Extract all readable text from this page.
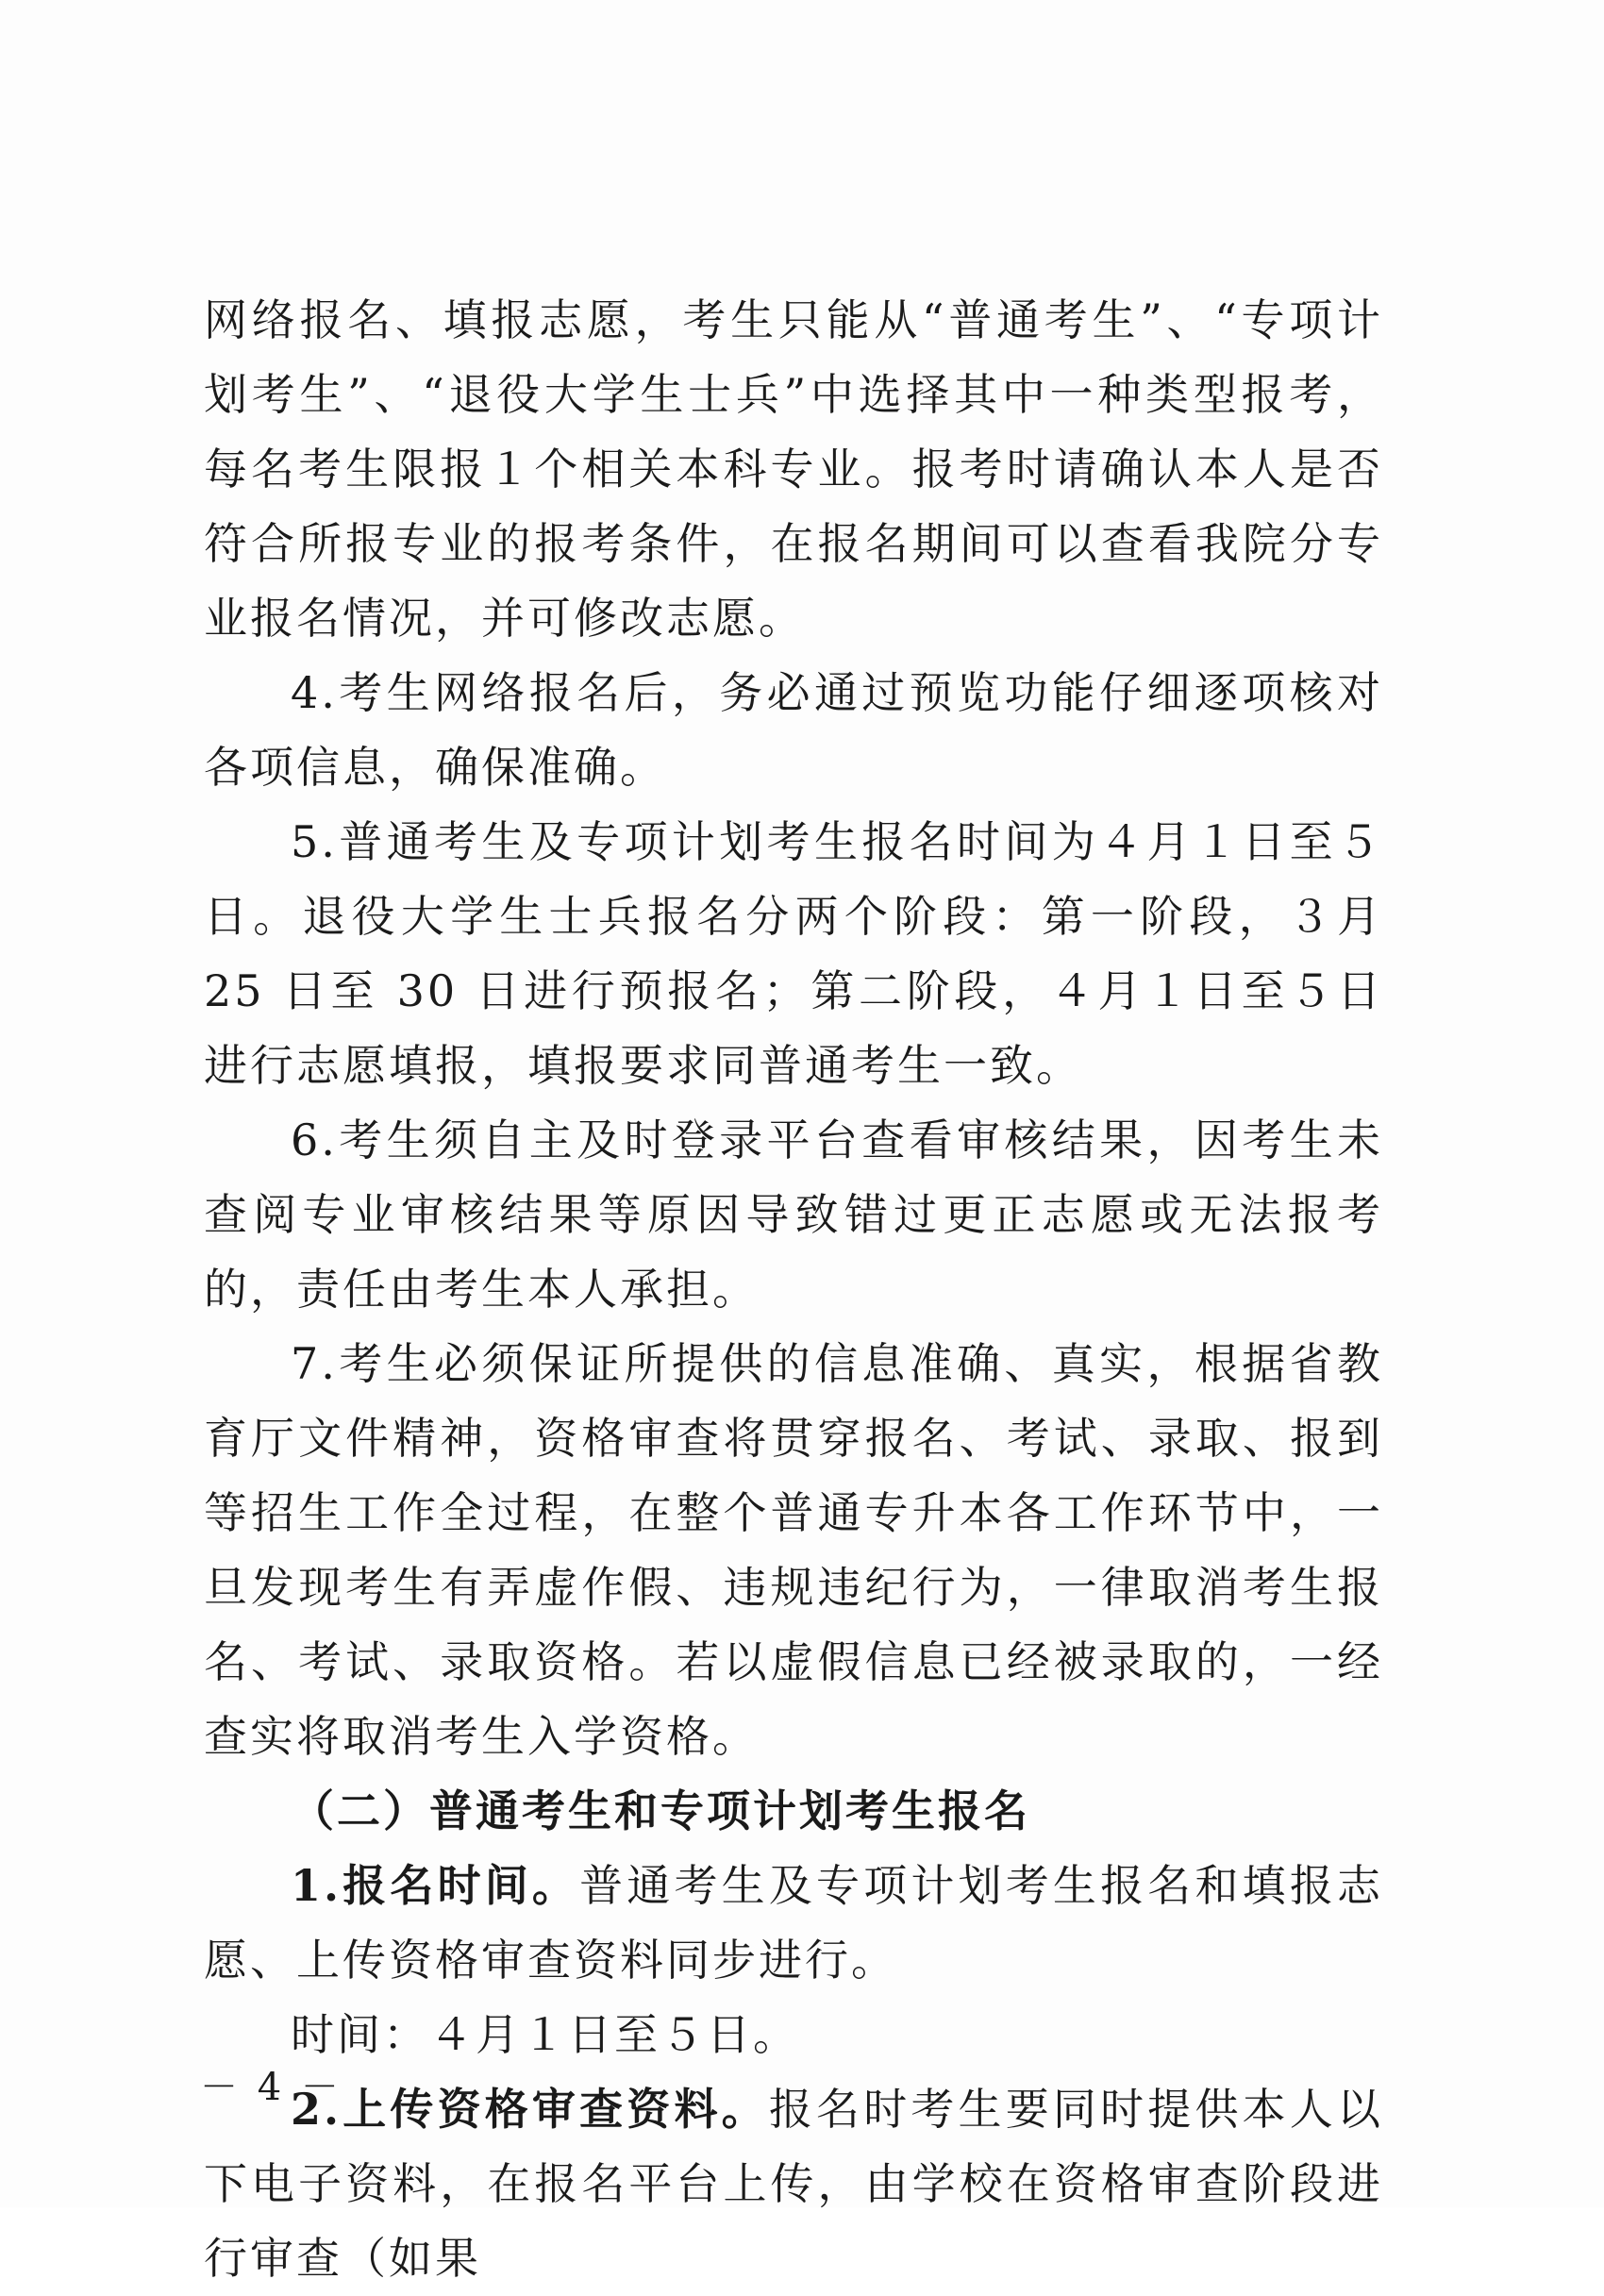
网络报名、填报志愿，考生只能从“普通考生”、“专项计划考生”、“退役大学生士兵”中选择其中一种类型报考，每名考生限报１个相关本科专业。报考时请确认本人是否符合所报专业的报考条件，在报名期间可以查看我院分专业报名情况，并可修改志愿。

4.考生网络报名后，务必通过预览功能仔细逐项核对各项信息，确保准确。

5.普通考生及专项计划考生报名时间为４月１日至５日。退役大学生士兵报名分两个阶段：第一阶段，３月 25 日至 30 日进行预报名；第二阶段，４月１日至５日进行志愿填报，填报要求同普通考生一致。

6.考生须自主及时登录平台查看审核结果，因考生未查阅专业审核结果等原因导致错过更正志愿或无法报考的，责任由考生本人承担。

7.考生必须保证所提供的信息准确、真实，根据省教育厅文件精神，资格审查将贯穿报名、考试、录取、报到等招生工作全过程，在整个普通专升本各工作环节中，一旦发现考生有弄虚作假、违规违纪行为，一律取消考生报名、考试、录取资格。若以虚假信息已经被录取的，一经查实将取消考生入学资格。

（二）普通考生和专项计划考生报名

1.报名时间。普通考生及专项计划考生报名和填报志愿、上传资格审查资料同步进行。

时间：４月１日至５日。

2.上传资格审查资料。报名时考生要同时提供本人以下电子资料，在报名平台上传，由学校在资格审查阶段进行审查（如果

－ 4 －
